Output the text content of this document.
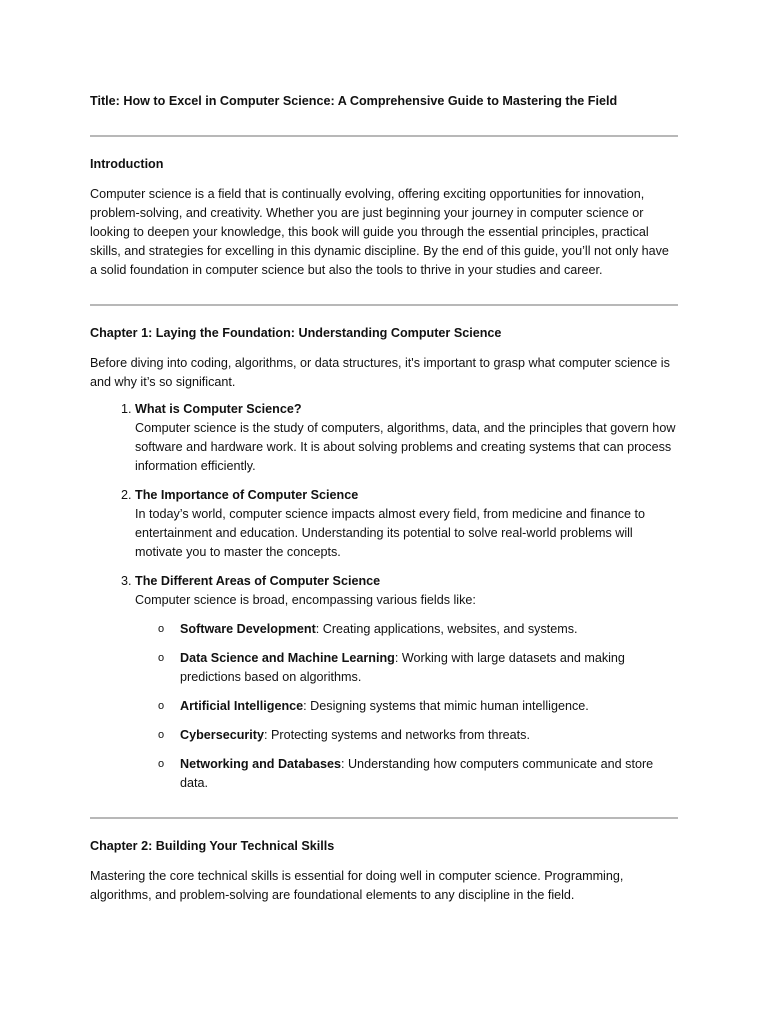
Title: How to Excel in Computer Science: A Comprehensive Guide to Mastering the Field

Introduction

Computer science is a field that is continually evolving, offering exciting opportunities for innovation, problem-solving, and creativity. Whether you are just beginning your journey in computer science or looking to deepen your knowledge, this book will guide you through the essential principles, practical skills, and strategies for excelling in this dynamic discipline. By the end of this guide, you’ll not only have a solid foundation in computer science but also the tools to thrive in your studies and career.

Chapter 1: Laying the Foundation: Understanding Computer Science

Before diving into coding, algorithms, or data structures, it's important to grasp what computer science is and why it’s so significant.

1. What is Computer Science?
Computer science is the study of computers, algorithms, data, and the principles that govern how software and hardware work. It is about solving problems and creating systems that can process information efficiently.
2. The Importance of Computer Science
In today’s world, computer science impacts almost every field, from medicine and finance to entertainment and education. Understanding its potential to solve real-world problems will motivate you to master the concepts.
3. The Different Areas of Computer Science
Computer science is broad, encompassing various fields like:
o Software Development: Creating applications, websites, and systems.
o Data Science and Machine Learning: Working with large datasets and making predictions based on algorithms.
o Artificial Intelligence: Designing systems that mimic human intelligence.
o Cybersecurity: Protecting systems and networks from threats.
o Networking and Databases: Understanding how computers communicate and store data.
Chapter 2: Building Your Technical Skills

Mastering the core technical skills is essential for doing well in computer science. Programming, algorithms, and problem-solving are foundational elements to any discipline in the field.
